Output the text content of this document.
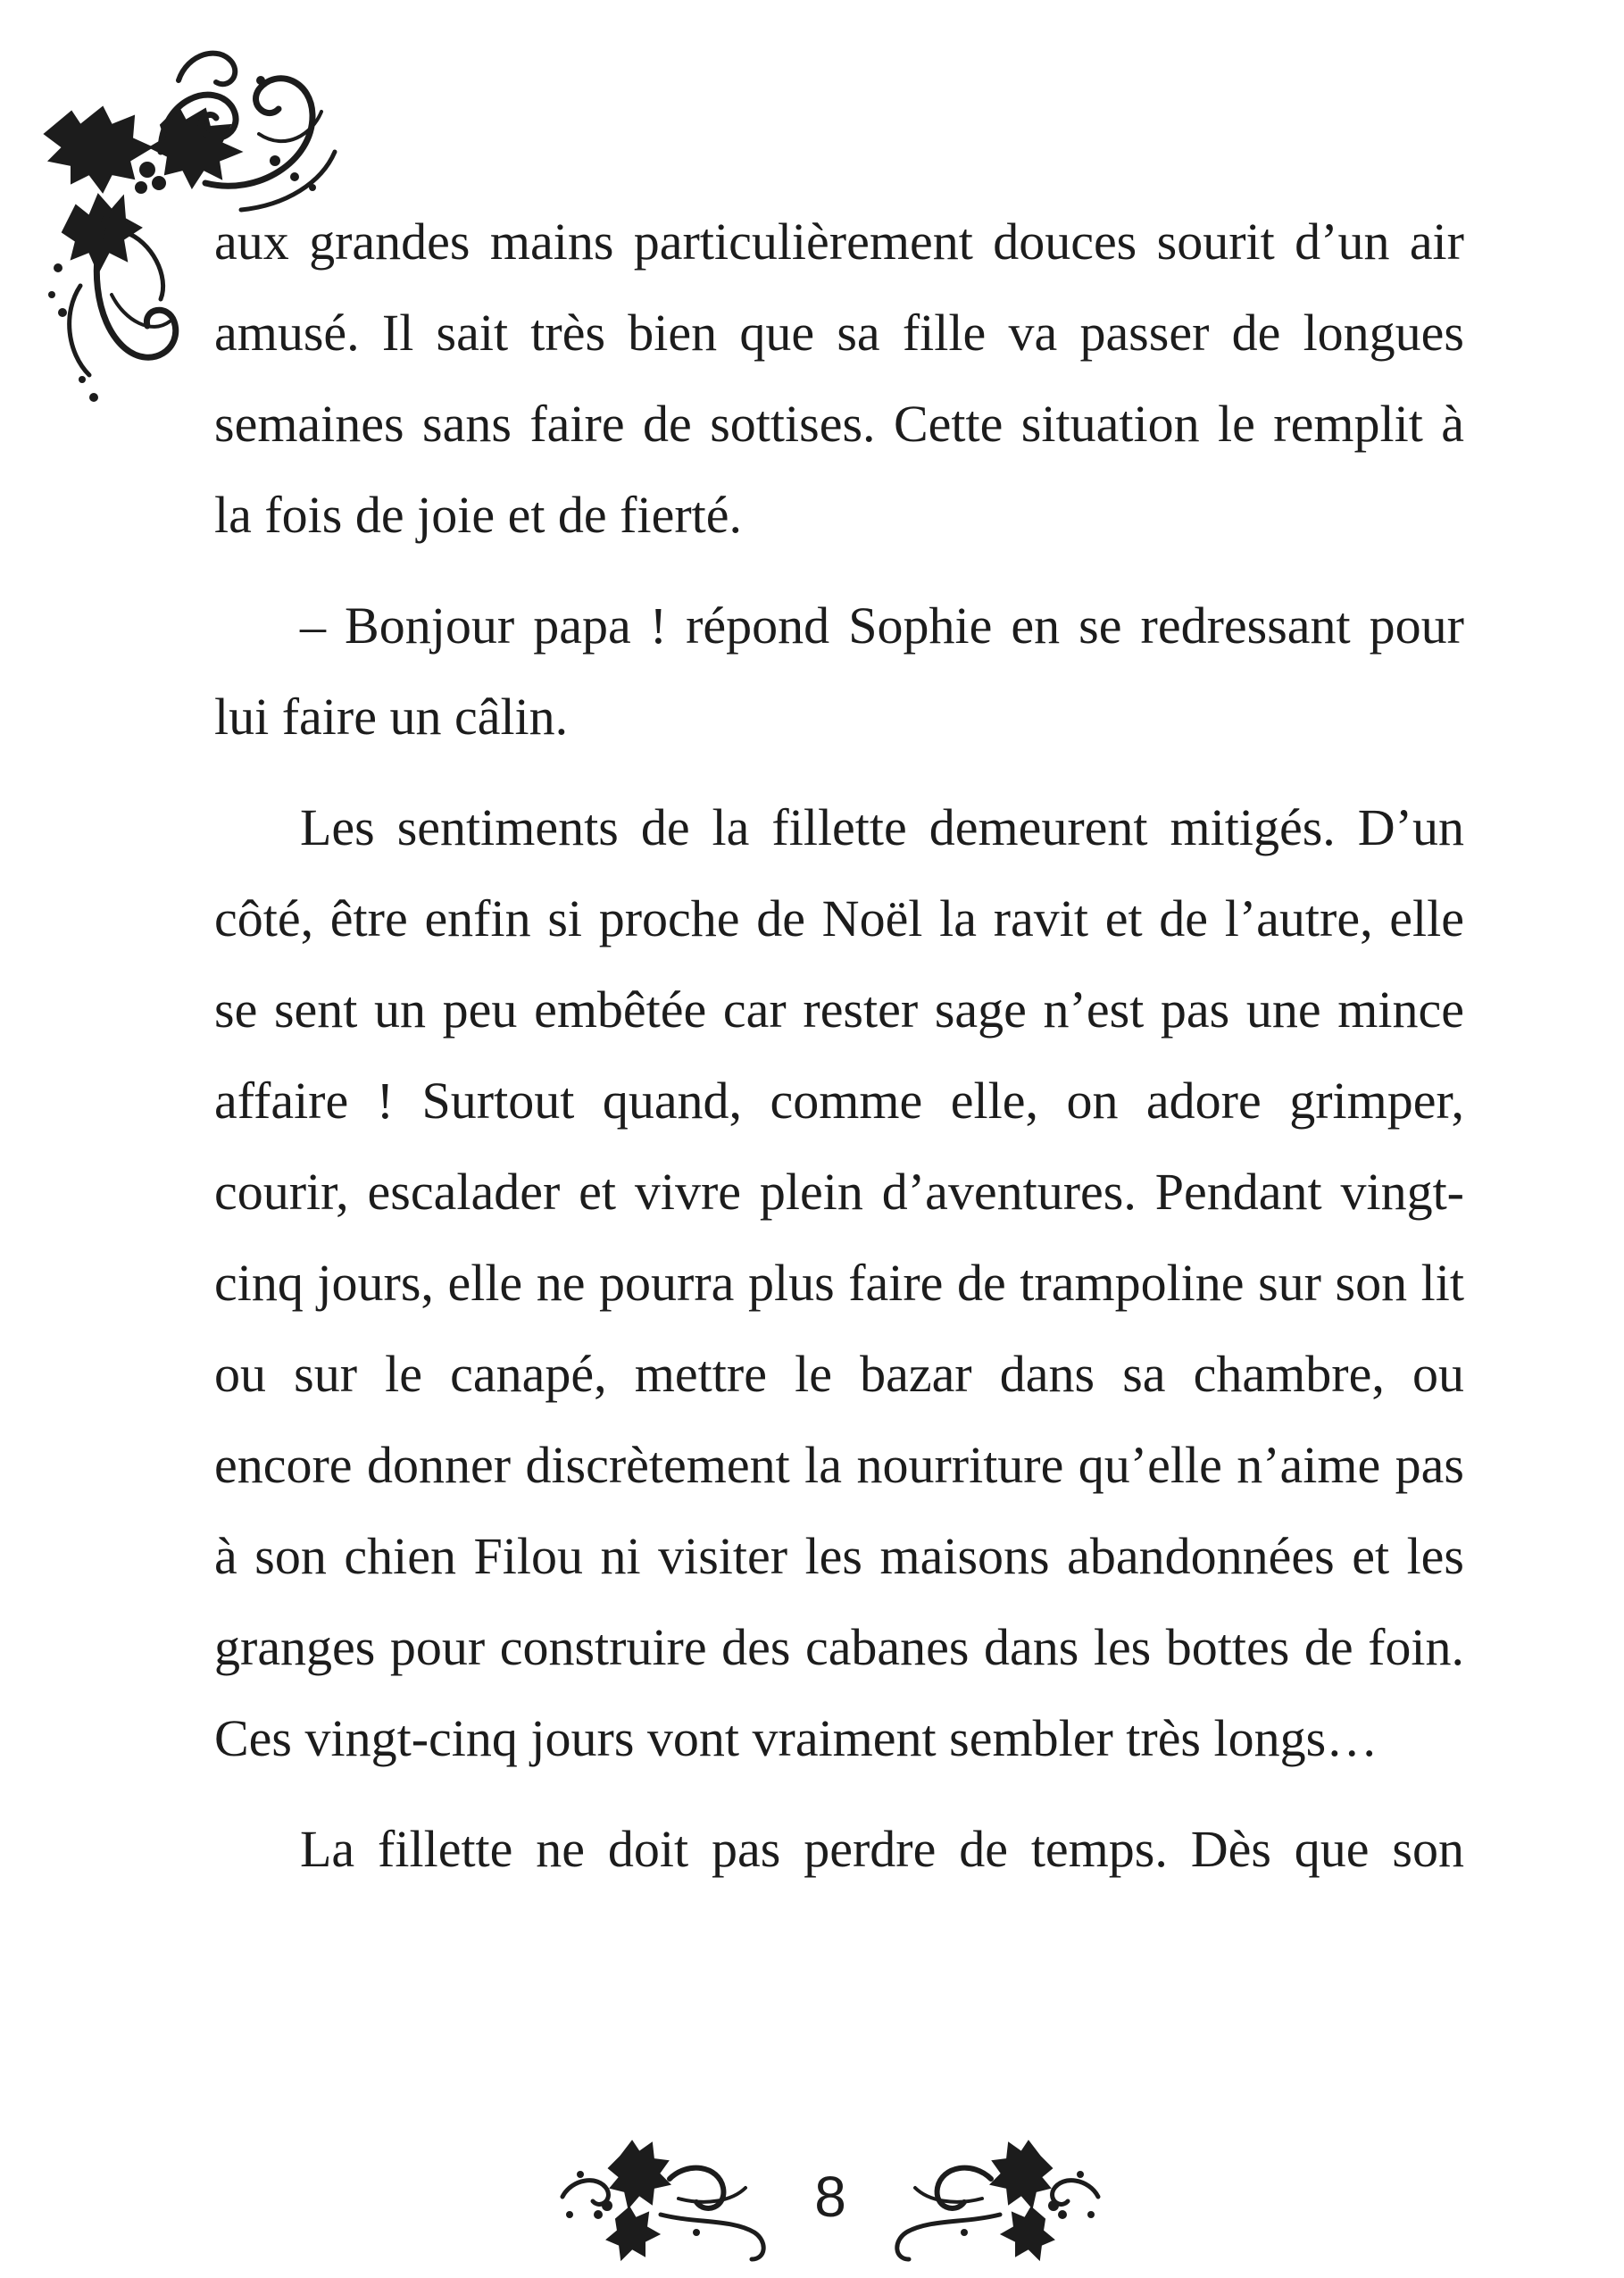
aux grandes mains particulièrement douces sourit d’un air amusé. Il sait très bien que sa fille va passer de longues semaines sans faire de sottises. Cette situation le remplit à la fois de joie et de fierté.

– Bonjour papa ! répond Sophie en se redressant pour lui faire un câlin.

Les sentiments de la fillette demeurent mitigés. D’un côté, être enfin si proche de Noël la ravit et de l’autre, elle se sent un peu embêtée car rester sage n’est pas une mince affaire ! Surtout quand, comme elle, on adore grimper, courir, escalader et vivre plein d’aventures. Pendant vingt-cinq jours, elle ne pourra plus faire de trampoline sur son lit ou sur le canapé, mettre le bazar dans sa chambre, ou encore donner discrètement la nourriture qu’elle n’aime pas à son chien Filou ni visiter les maisons abandonnées et les granges pour construire des cabanes dans les bottes de foin. Ces vingt-cinq jours vont vraiment sembler très longs…

La fillette ne doit pas perdre de temps. Dès que son

8
